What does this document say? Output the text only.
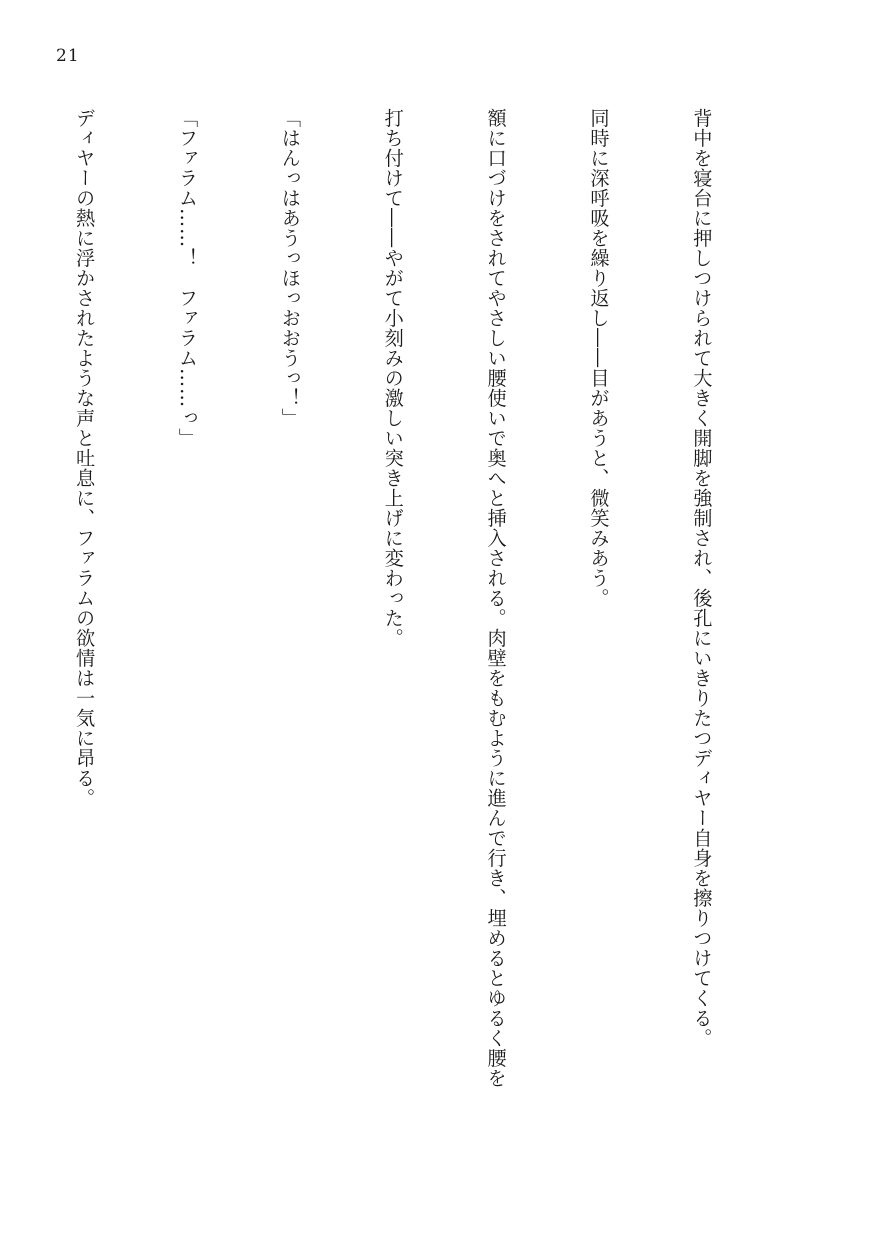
21

背中を寝台に押しつけられて大きく開脚を強制され、後孔にいきりたつディヤー自身を擦りつけてくる。

同時に深呼吸を繰り返し――目があうと、微笑みあう。

額に口づけをされてやさしい腰使いで奥へと挿入される。肉壁をもむように進んで行き、埋めるとゆるく腰を

打ち付けて――やがて小刻みの激しい突き上げに変わった。

「はんっはあうっほっおおうっ！」

「ファラム……！　ファラム……っ」

ディヤーの熱に浮かされたような声と吐息に、ファラムの欲情は一気に昂る。
